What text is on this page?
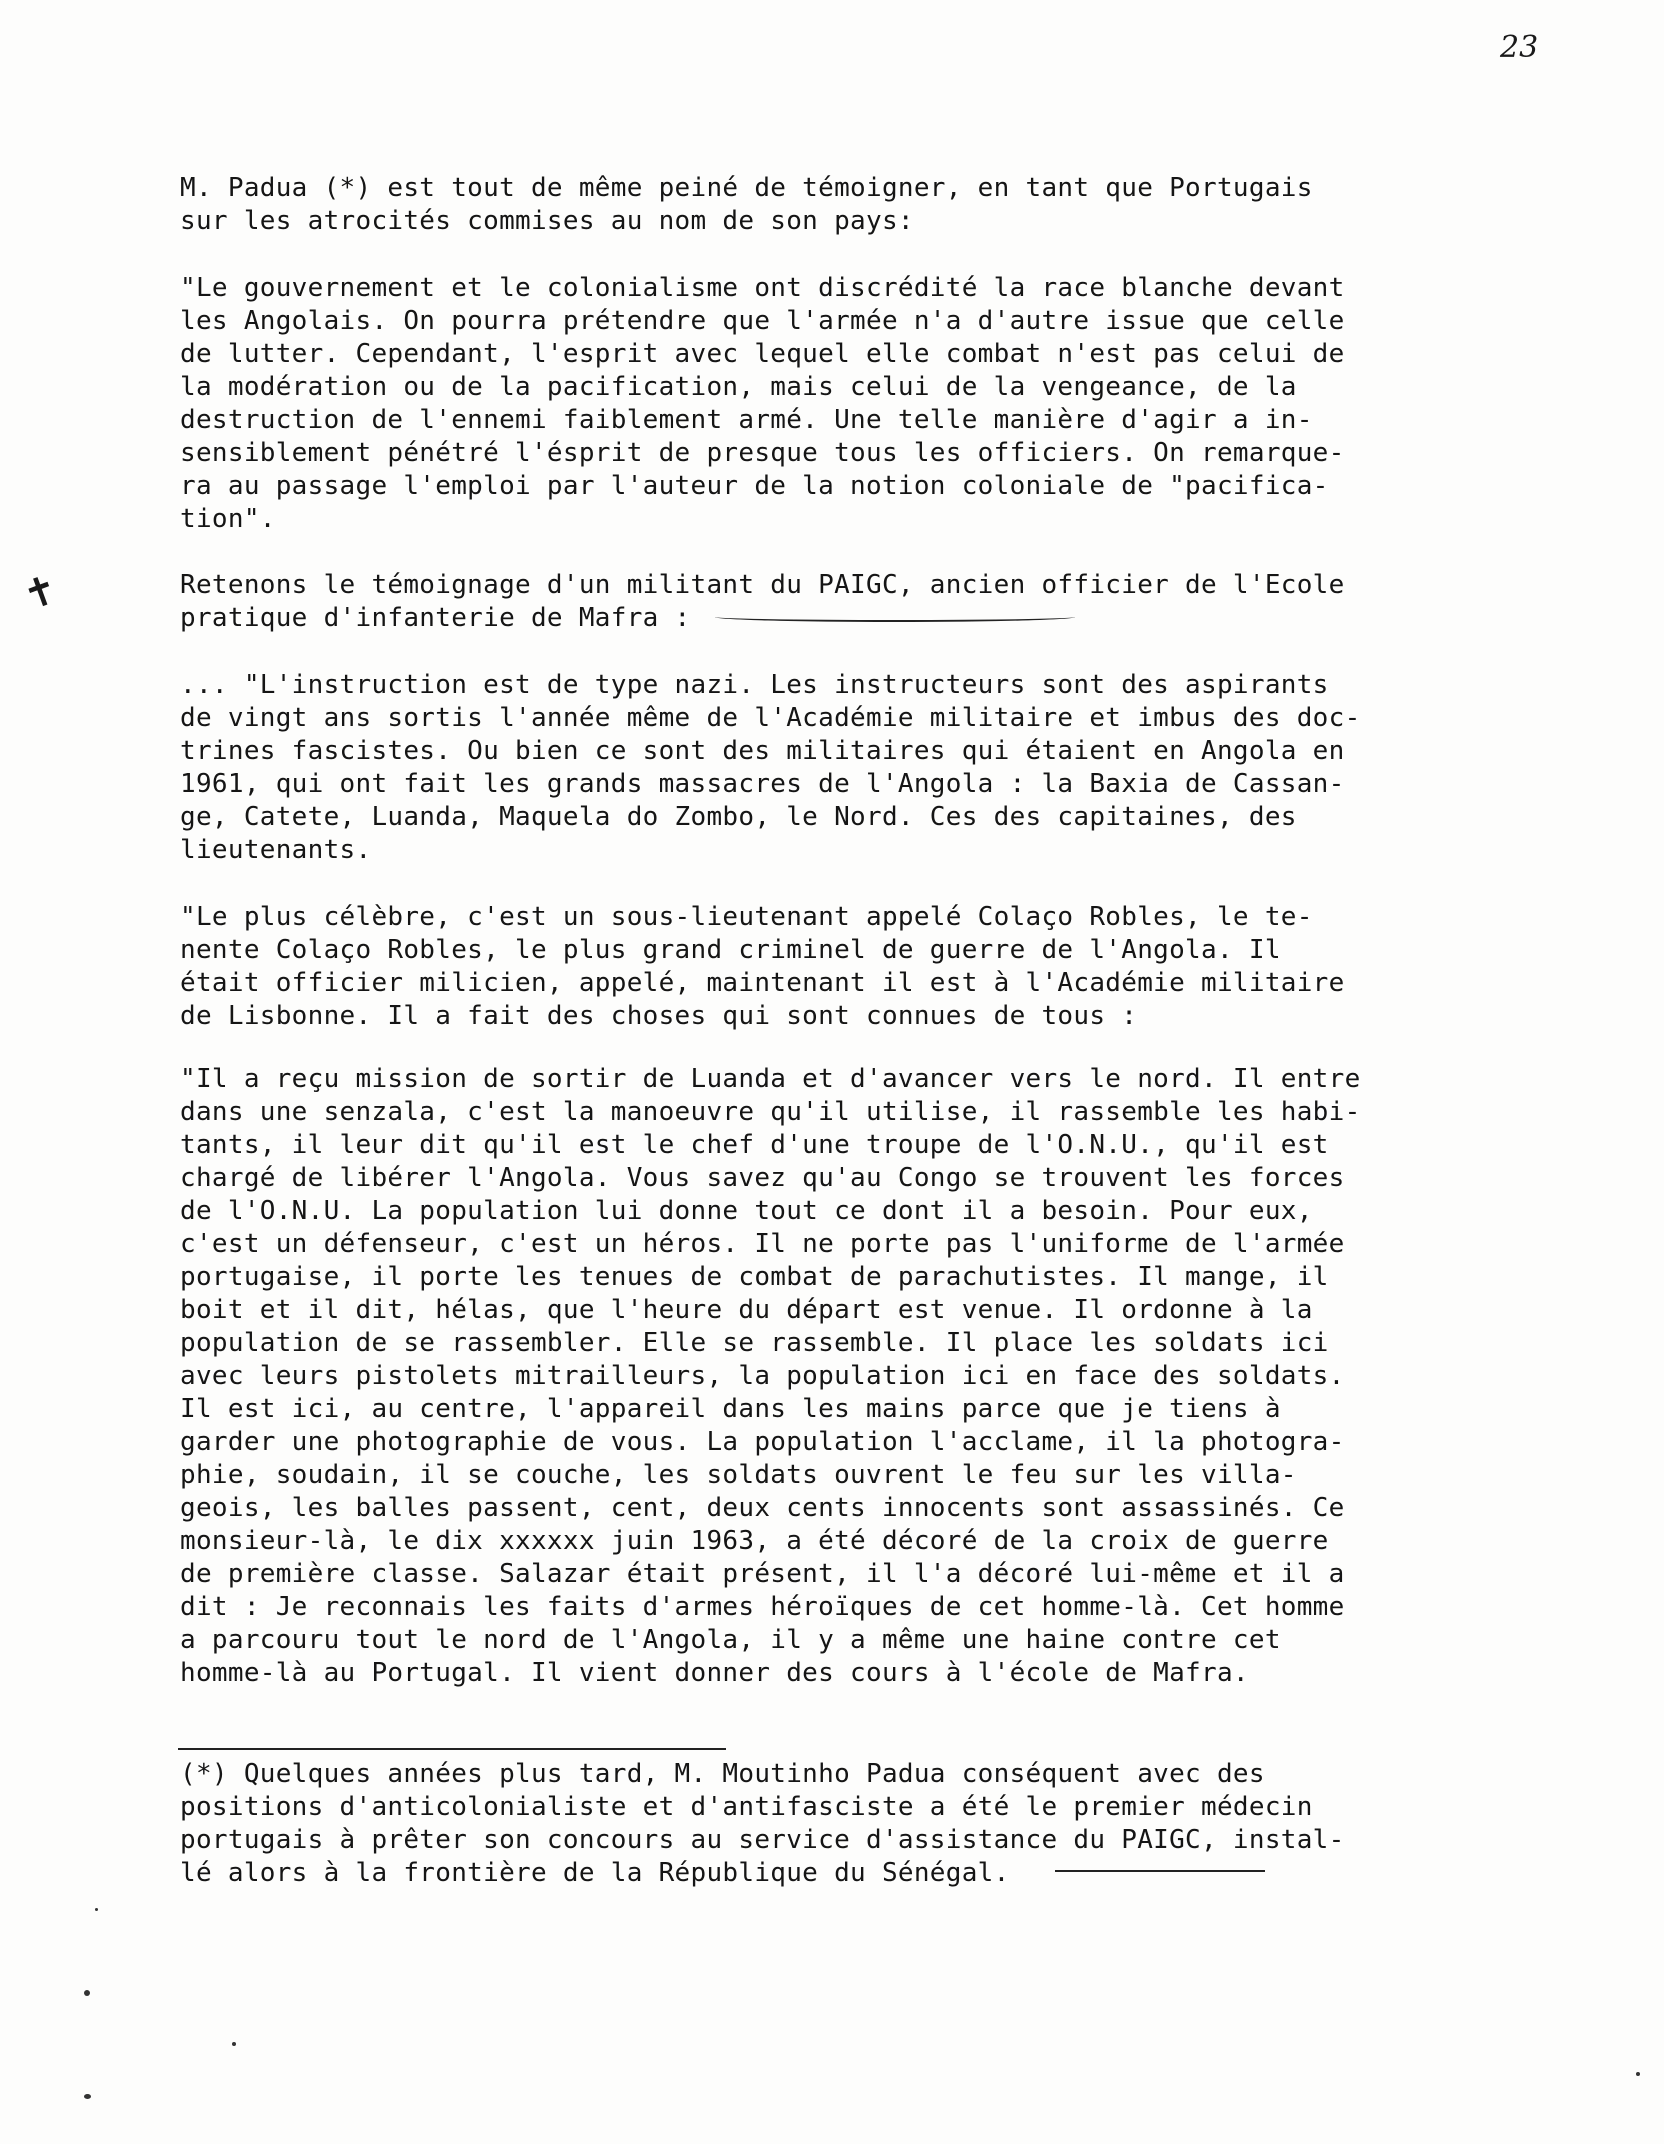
23
✝
M. Padua (*) est tout de même peiné de témoigner, en tant que Portugais
sur les atrocités commises au nom de son pays:
"Le gouvernement et le colonialisme ont discrédité la race blanche devant
les Angolais. On pourra prétendre que l'armée n'a d'autre issue que celle
de lutter. Cependant, l'esprit avec lequel elle combat n'est pas celui de
la modération ou de la pacification, mais celui de la vengeance, de la
destruction de l'ennemi faiblement armé. Une telle manière d'agir a in-
sensiblement pénétré l'ésprit de presque tous les officiers. On remarque-
ra au passage l'emploi par l'auteur de la notion coloniale de "pacifica-
tion".
Retenons le témoignage d'un militant du PAIGC, ancien officier de l'Ecole
pratique d'infanterie de Mafra :
... "L'instruction est de type nazi. Les instructeurs sont des aspirants
de vingt ans sortis l'année même de l'Académie militaire et imbus des doc-
trines fascistes. Ou bien ce sont des militaires qui étaient en Angola en
1961, qui ont fait les grands massacres de l'Angola : la Baxia de Cassan-
ge, Catete, Luanda, Maquela do Zombo, le Nord. Ces des capitaines, des
lieutenants.
"Le plus célèbre, c'est un sous-lieutenant appelé Colaço Robles, le te-
nente Colaço Robles, le plus grand criminel de guerre de l'Angola. Il
était officier milicien, appelé, maintenant il est à l'Académie militaire
de Lisbonne. Il a fait des choses qui sont connues de tous :
"Il a reçu mission de sortir de Luanda et d'avancer vers le nord. Il entre
dans une senzala, c'est la manoeuvre qu'il utilise, il rassemble les habi-
tants, il leur dit qu'il est le chef d'une troupe de l'O.N.U., qu'il est
chargé de libérer l'Angola. Vous savez qu'au Congo se trouvent les forces
de l'O.N.U. La population lui donne tout ce dont il a besoin. Pour eux,
c'est un défenseur, c'est un héros. Il ne porte pas l'uniforme de l'armée
portugaise, il porte les tenues de combat de parachutistes. Il mange, il
boit et il dit, hélas, que l'heure du départ est venue. Il ordonne à la
population de se rassembler. Elle se rassemble. Il place les soldats ici
avec leurs pistolets mitrailleurs, la population ici en face des soldats.
Il est ici, au centre, l'appareil dans les mains parce que je tiens à
garder une photographie de vous. La population l'acclame, il la photogra-
phie, soudain, il se couche, les soldats ouvrent le feu sur les villa-
geois, les balles passent, cent, deux cents innocents sont assassinés. Ce
monsieur-là, le dix xxxxxx juin 1963, a été décoré de la croix de guerre
de première classe. Salazar était présent, il l'a décoré lui-même et il a
dit : Je reconnais les faits d'armes héroïques de cet homme-là. Cet homme
a parcouru tout le nord de l'Angola, il y a même une haine contre cet
homme-là au Portugal. Il vient donner des cours à l'école de Mafra.
(*) Quelques années plus tard, M. Moutinho Padua conséquent avec des
positions d'anticolonialiste et d'antifasciste a été le premier médecin
portugais à prêter son concours au service d'assistance du PAIGC, instal-
lé alors à la frontière de la République du Sénégal.
